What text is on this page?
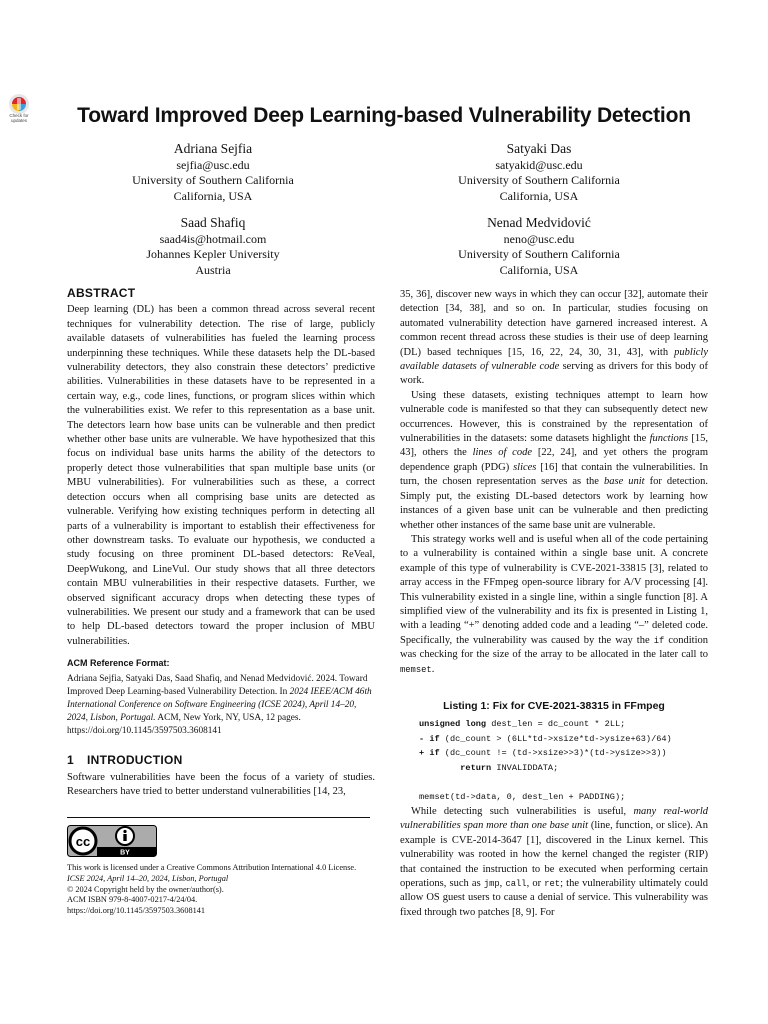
Check for
updates	Toward Improved Deep Learning-based Vulnerability Detection
Adriana Sejfia
sejfia@usc.edu
University of Southern California
California, USA
Satyaki Das
satyakid@usc.edu
University of Southern California
California, USA
Saad Shafiq
saad4is@hotmail.com
Johannes Kepler University
Austria
Nenad Medvidović
neno@usc.edu
University of Southern California
California, USA
ABSTRACT

Deep learning (DL) has been a common thread across several recent techniques for vulnerability detection. The rise of large, publicly available datasets of vulnerabilities has fueled the learning process underpinning these techniques. While these datasets help the DL-based vulnerability detectors, they also constrain these detectors’ predictive abilities. Vulnerabilities in these datasets have to be represented in a certain way, e.g., code lines, functions, or program slices within which the vulnerabilities exist. We refer to this representation as a base unit. The detectors learn how base units can be vulnerable and then predict whether other base units are vulnerable. We have hypothesized that this focus on individual base units harms the ability of the detectors to properly detect those vulnerabilities that span multiple base units (or MBU vulnerabilities). For vulnerabilities such as these, a correct detection occurs when all comprising base units are detected as vulnerable. Verifying how existing techniques perform in detecting all parts of a vulnerability is important to establish their effectiveness for other downstream tasks. To evaluate our hypothesis, we conducted a study focusing on three prominent DL-based detectors: ReVeal, DeepWukong, and LineVul. Our study shows that all three detectors contain MBU vulnerabilities in their respective datasets. Further, we observed significant accuracy drops when detecting these types of vulnerabilities. We present our study and a framework that can be used to help DL-based detectors toward the proper inclusion of MBU vulnerabilities.

ACM Reference Format:

Adriana Sejfia, Satyaki Das, Saad Shafiq, and Nenad Medvidović. 2024. Toward Improved Deep Learning-based Vulnerability Detection. In 2024 IEEE/ACM 46th International Conference on Software Engineering (ICSE 2024), April 14–20, 2024, Lisbon, Portugal. ACM, New York, NY, USA, 12 pages. https://doi.org/10.1145/3597503.3608141

1 INTRODUCTION

Software vulnerabilities have been the focus of a variety of studies. Researchers have tried to better understand vulnerabilities [14, 23,

cc
BY
This work is licensed under a Creative Commons Attribution International 4.0 License.
ICSE 2024, April 14–20, 2024, Lisbon, Portugal
© 2024 Copyright held by the owner/author(s).
ACM ISBN 979-8-4007-0217-4/24/04.
https://doi.org/10.1145/3597503.3608141

35, 36], discover new ways in which they can occur [32], automate their detection [34, 38], and so on. In particular, studies focusing on automated vulnerability detection have garnered increased interest. A common recent thread across these studies is their use of deep learning (DL) based techniques [15, 16, 22, 24, 30, 31, 43], with publicly available datasets of vulnerable code serving as drivers for this body of work.

Using these datasets, existing techniques attempt to learn how vulnerable code is manifested so that they can subsequently detect new occurrences. However, this is constrained by the representation of vulnerabilities in the datasets: some datasets highlight the functions [15, 43], others the lines of code [22, 24], and yet others the program dependence graph (PDG) slices [16] that contain the vulnerabilities. In turn, the chosen representation serves as the base unit for detection. Simply put, the existing DL-based detectors work by learning how instances of a given base unit can be vulnerable and then predicting whether other instances of the same base unit are vulnerable.

This strategy works well and is useful when all of the code pertaining to a vulnerability is contained within a single base unit. A concrete example of this type of vulnerability is CVE-2021-33815 [3], related to array access in the FFmpeg open-source library for A/V processing [4]. This vulnerability existed in a single line, within a single function [8]. A simplified view of the vulnerability and its fix is presented in Listing 1, with a leading “+” denoting added code and a leading “–” deleted code. Specifically, the vulnerability was caused by the way the if condition was checking for the size of the array to be allocated in the later call to memset.

Listing 1: Fix for CVE-2021-38315 in FFmpeg
unsigned long dest_len = dc_count * 2LL;
- if (dc_count > (6LL*td->xsize*td->ysize+63)/64)
+ if (dc_count != (td->xsize>>3)*(td->ysize>>3))
return INVALIDDATA;

memset(td->data, 0, dest_len + PADDING);

While detecting such vulnerabilities is useful, many real-world vulnerabilities span more than one base unit (line, function, or slice). An example is CVE-2014-3647 [1], discovered in the Linux kernel. This vulnerability was rooted in how the kernel changed the register (RIP) that contained the instruction to be executed when performing certain operations, such as jmp, call, or ret; the vulnerability ultimately could allow OS guest users to cause a denial of service. This vulnerability was fixed through two patches [8, 9]. For
